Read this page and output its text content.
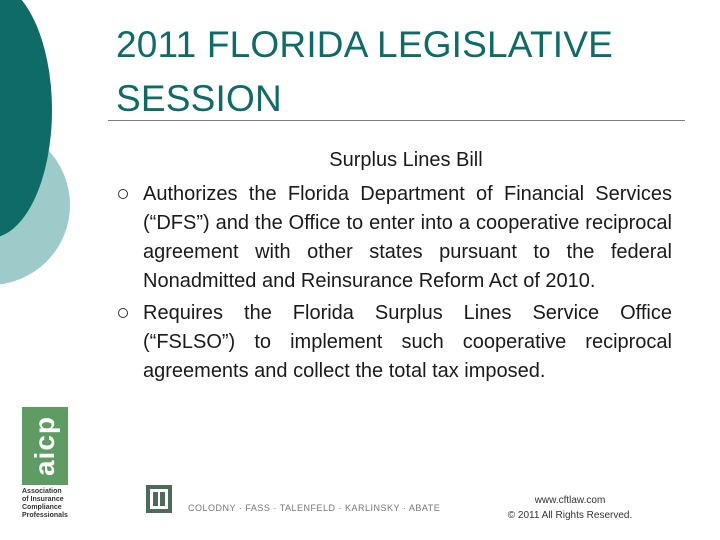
2011 FLORIDA LEGISLATIVE
SESSION
Surplus Lines Bill
Authorizes the Florida Department of Financial Services (“DFS”) and the Office to enter into a cooperative reciprocal agreement with other states pursuant to the federal Nonadmitted and Reinsurance Reform Act of 2010.
Requires the Florida Surplus Lines Service Office (“FSLSO”) to implement such cooperative reciprocal agreements and collect the total tax imposed.
aicp
Association
of Insurance
Compliance
Professionals
COLODNY · FASS · TALENFELD · KARLINSKY · ABATE
www.cftlaw.com
© 2011 All Rights Reserved.
